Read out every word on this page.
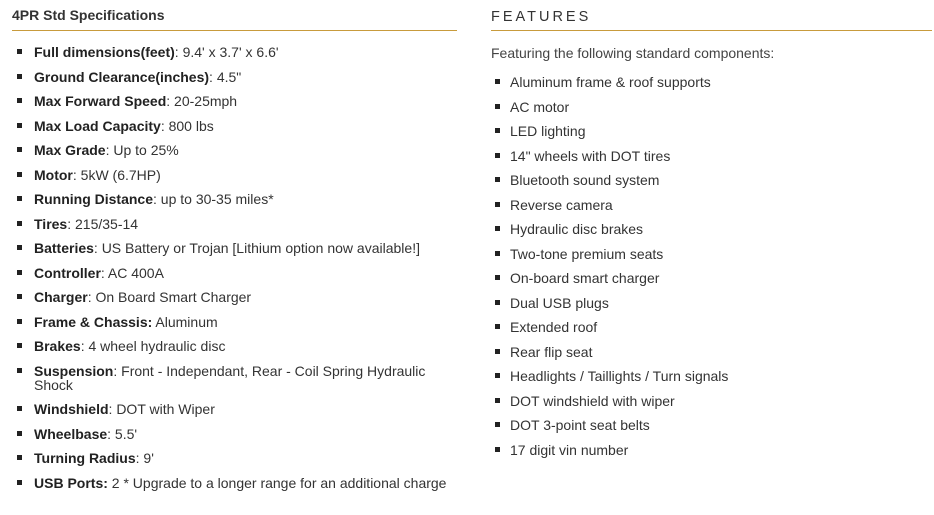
4PR Std Specifications
Full dimensions(feet): 9.4' x 3.7' x 6.6'
Ground Clearance(inches): 4.5"
Max Forward Speed: 20-25mph
Max Load Capacity: 800 lbs
Max Grade: Up to 25%
Motor: 5kW (6.7HP)
Running Distance: up to 30-35 miles*
Tires: 215/35-14
Batteries: US Battery or Trojan [Lithium option now available!]
Controller: AC 400A
Charger: On Board Smart Charger
Frame & Chassis: Aluminum
Brakes: 4 wheel hydraulic disc
Suspension: Front - Independant, Rear - Coil Spring Hydraulic Shock
Windshield: DOT with Wiper
Wheelbase: 5.5'
Turning Radius: 9'
USB Ports: 2 * Upgrade to a longer range for an additional charge
FEATURES

Featuring the following standard components:

Aluminum frame & roof supports
AC motor
LED lighting
14" wheels with DOT tires
Bluetooth sound system
Reverse camera
Hydraulic disc brakes
Two-tone premium seats
On-board smart charger
Dual USB plugs
Extended roof
Rear flip seat
Headlights / Taillights / Turn signals
DOT windshield with wiper
DOT 3-point seat belts
17 digit vin number
